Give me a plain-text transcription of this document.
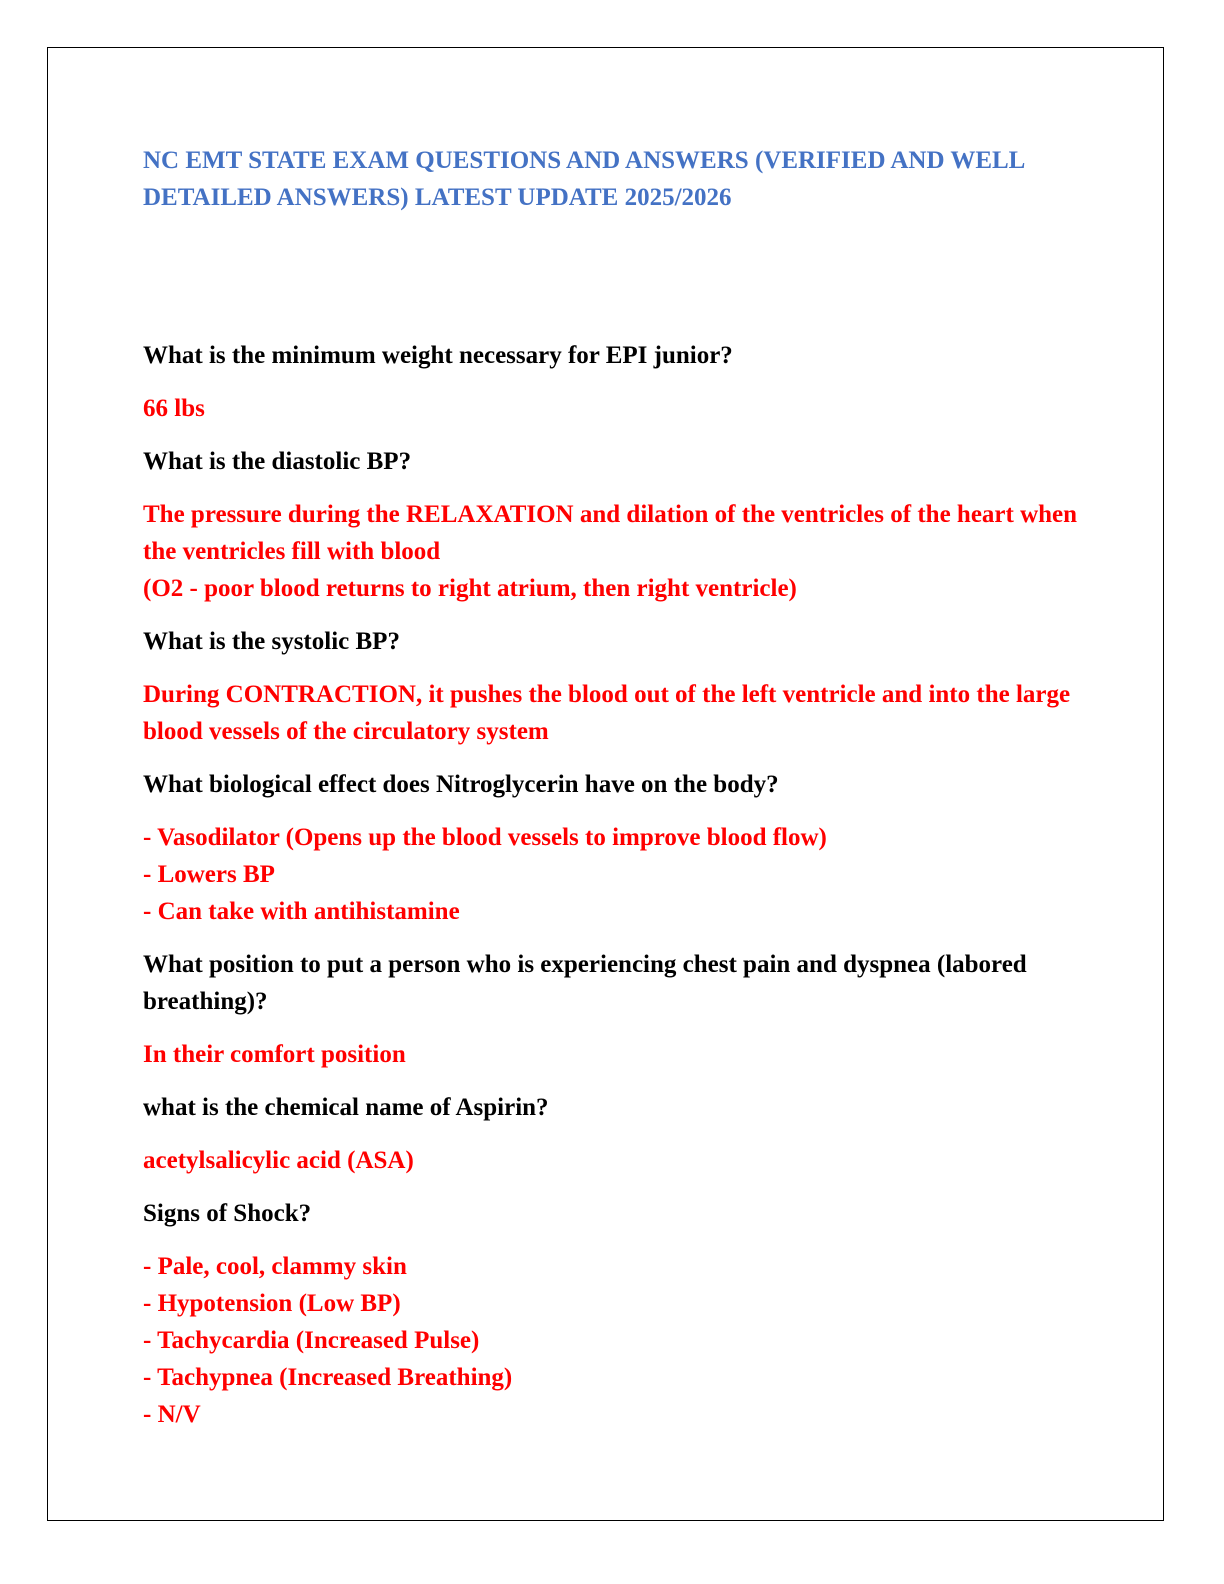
NC EMT STATE EXAM QUESTIONS AND ANSWERS (VERIFIED AND WELL DETAILED ANSWERS) LATEST UPDATE 2025/2026

What is the minimum weight necessary for EPI junior?

66 lbs

What is the diastolic BP?

The pressure during the RELAXATION and dilation of the ventricles of the heart when the ventricles fill with blood
(O2 - poor blood returns to right atrium, then right ventricle)

What is the systolic BP?

During CONTRACTION, it pushes the blood out of the left ventricle and into the large blood vessels of the circulatory system

What biological effect does Nitroglycerin have on the body?

- Vasodilator (Opens up the blood vessels to improve blood flow)
- Lowers BP
- Can take with antihistamine

What position to put a person who is experiencing chest pain and dyspnea (labored breathing)?

In their comfort position

what is the chemical name of Aspirin?

acetylsalicylic acid (ASA)

Signs of Shock?

- Pale, cool, clammy skin
- Hypotension (Low BP)
- Tachycardia (Increased Pulse)
- Tachypnea (Increased Breathing)
- N/V
